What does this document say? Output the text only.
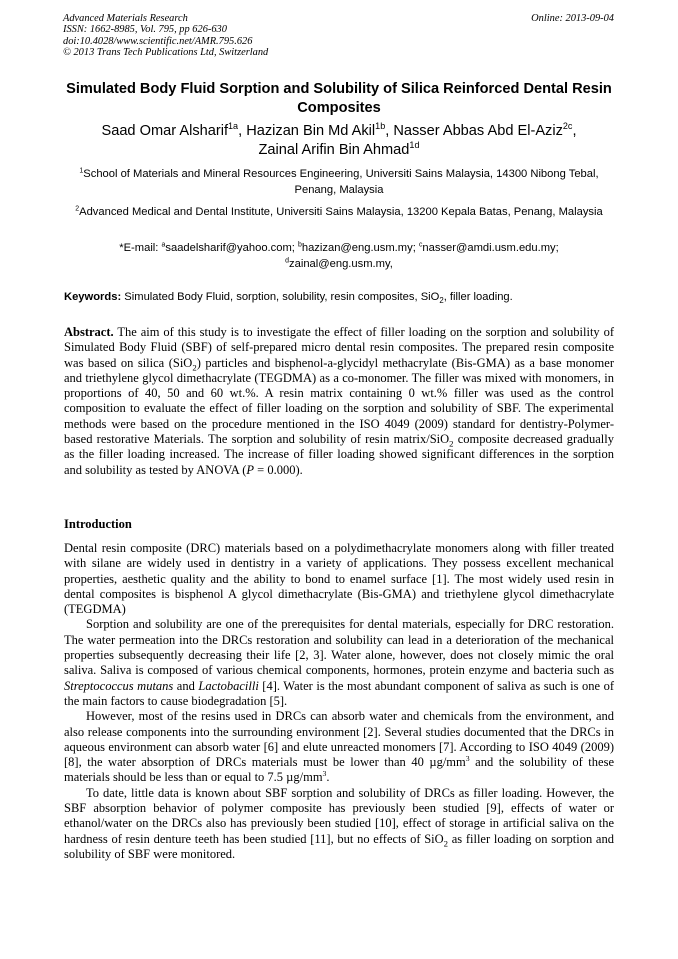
Advanced Materials Research
ISSN: 1662-8985, Vol. 795, pp 626-630
doi:10.4028/www.scientific.net/AMR.795.626
© 2013 Trans Tech Publications Ltd, Switzerland
Online: 2013-09-04
Simulated Body Fluid Sorption and Solubility of Silica Reinforced Dental Resin Composites
Saad Omar Alsharif$^{1a}$, Hazizan Bin Md Akil$^{1b}$, Nasser Abbas Abd El-Aziz$^{2c}$,
Zainal Arifin Bin Ahmad$^{1d}$
$^1$School of Materials and Mineral Resources Engineering, Universiti Sains Malaysia, 14300 Nibong Tebal, Penang, Malaysia
$^2$Advanced Medical and Dental Institute, Universiti Sains Malaysia, 13200 Kepala Batas, Penang, Malaysia
*E-mail: $^a$saadelsharif@yahoo.com; $^b$hazizan@eng.usm.my; $^c$nasser@amdi.usm.edu.my;
$^d$zainal@eng.usm.my,
Keywords: Simulated Body Fluid, sorption, solubility, resin composites, SiO$_2$, filler loading.

Abstract. The aim of this study is to investigate the effect of filler loading on the sorption and solubility of Simulated Body Fluid (SBF) of self-prepared micro dental resin composites. The prepared resin composite was based on silica (SiO$_2$) particles and bisphenol-a-glycidyl methacrylate (Bis-GMA) as a base monomer and triethylene glycol dimethacrylate (TEGDMA) as a co-monomer. The filler was mixed with monomers, in proportions of 40, 50 and 60 wt.%. A resin matrix containing 0 wt.% filler was used as the control composition to evaluate the effect of filler loading on the sorption and solubility of SBF. The experimental methods were based on the procedure mentioned in the ISO 4049 (2009) standard for dentistry-Polymer-based restorative Materials. The sorption and solubility of resin matrix/SiO$_2$ composite decreased gradually as the filler loading increased. The increase of filler loading showed significant differences in the sorption and solubility as tested by ANOVA (P = 0.000).

Introduction

Dental resin composite (DRC) materials based on a polydimethacrylate monomers along with filler treated with silane are widely used in dentistry in a variety of applications. They possess excellent mechanical properties, aesthetic quality and the ability to bond to enamel surface [1]. The most widely used resin in dental composites is bisphenol A glycol dimethacrylate (Bis-GMA) and triethylene glycol dimethacrylate (TEGDMA)

Sorption and solubility are one of the prerequisites for dental materials, especially for DRC restoration. The water permeation into the DRCs restoration and solubility can lead in a deterioration of the mechanical properties subsequently decreasing their life [2, 3]. Water alone, however, does not closely mimic the oral saliva. Saliva is composed of various chemical components, hormones, protein enzyme and bacteria such as Streptococcus mutans and Lactobacilli [4]. Water is the most abundant component of saliva as such is one of the main factors to cause biodegradation [5].

However, most of the resins used in DRCs can absorb water and chemicals from the environment, and also release components into the surrounding environment [2]. Several studies documented that the DRCs in aqueous environment can absorb water [6] and elute unreacted monomers [7]. According to ISO 4049 (2009) [8], the water absorption of DRCs materials must be lower than 40 $\mu g/mm^3$ and the solubility of these materials should be less than or equal to 7.5 $\mu g/mm^3$.

To date, little data is known about SBF sorption and solubility of DRCs as filler loading. However, the SBF absorption behavior of polymer composite has previously been studied [9], effects of water or ethanol/water on the DRCs also has previously been studied [10], effect of storage in artificial saliva on the hardness of resin denture teeth has been studied [11], but no effects of SiO$_2$ as filler loading on sorption and solubility of SBF were monitored.
